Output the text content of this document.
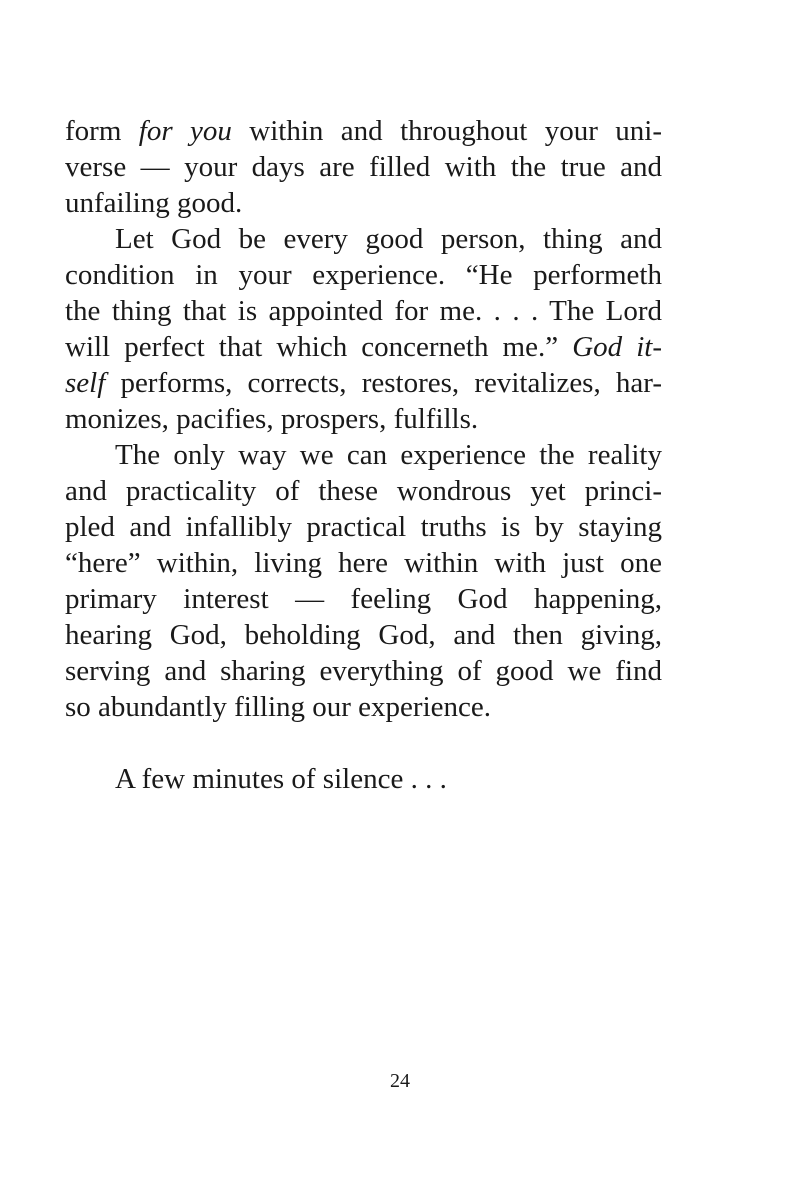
form for you within and throughout your uni-
verse — your days are filled with the true and
unfailing good.

Let God be every good person, thing and
condition in your experience. “He performeth
the thing that is appointed for me. . . . The Lord
will perfect that which concerneth me.” God it-
self performs, corrects, restores, revitalizes, har-
monizes, pacifies, prospers, fulfills.

The only way we can experience the reality
and practicality of these wondrous yet princi-
pled and infallibly practical truths is by staying
“here” within, living here within with just one
primary interest — feeling God happening,
hearing God, beholding God, and then giving,
serving and sharing everything of good we find
so abundantly filling our experience.

A few minutes of silence . . .

24
